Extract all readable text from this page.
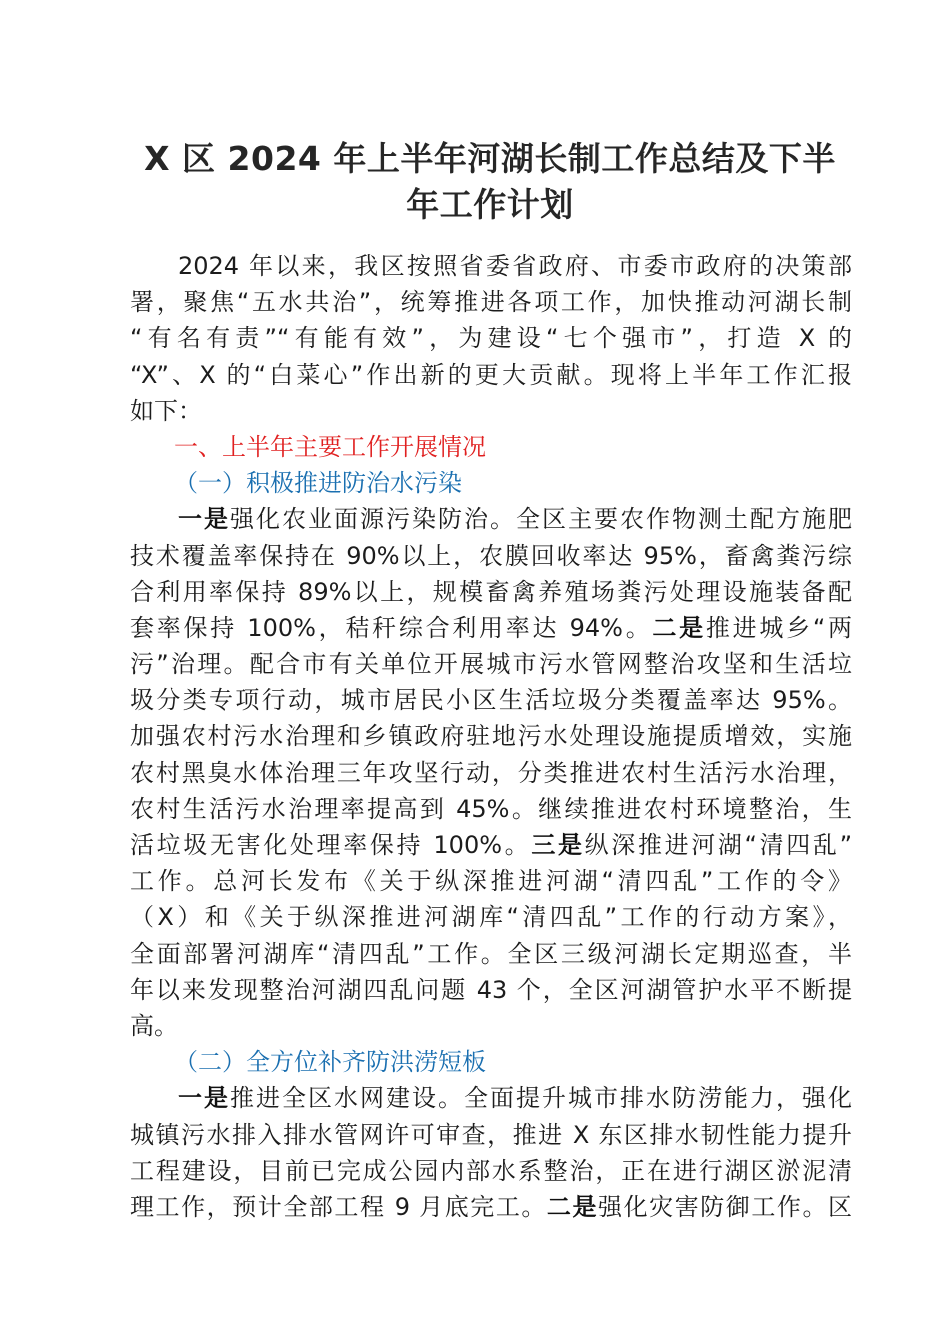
X 区 2024 年上半年河湖长制工作总结及下半
年工作计划
2024 年以来，我区按照省委省政府、市委市政府的决策部
署，聚焦“五水共治”，统筹推进各项工作，加快推动河湖长制
“有名有责”“有能有效”，为建设“七个强市”，打造 X 的
“X”、X 的“白菜心”作出新的更大贡献。现将上半年工作汇报
如下：
一、上半年主要工作开展情况
（一）积极推进防治水污染
一是强化农业面源污染防治。全区主要农作物测土配方施肥
技术覆盖率保持在 90%以上，农膜回收率达 95%，畜禽粪污综
合利用率保持 89%以上，规模畜禽养殖场粪污处理设施装备配
套率保持 100%，秸秆综合利用率达 94%。二是推进城乡“两
污”治理。配合市有关单位开展城市污水管网整治攻坚和生活垃
圾分类专项行动，城市居民小区生活垃圾分类覆盖率达 95%。
加强农村污水治理和乡镇政府驻地污水处理设施提质增效，实施
农村黑臭水体治理三年攻坚行动，分类推进农村生活污水治理，
农村生活污水治理率提高到 45%。继续推进农村环境整治，生
活垃圾无害化处理率保持 100%。三是纵深推进河湖“清四乱”
工作。总河长发布《关于纵深推进河湖“清四乱”工作的令》
（X）和《关于纵深推进河湖库“清四乱”工作的行动方案》，
全面部署河湖库“清四乱”工作。全区三级河湖长定期巡查，半
年以来发现整治河湖四乱问题 43 个，全区河湖管护水平不断提
高。
（二）全方位补齐防洪涝短板
一是推进全区水网建设。全面提升城市排水防涝能力，强化
城镇污水排入排水管网许可审查，推进 X 东区排水韧性能力提升
工程建设，目前已完成公园内部水系整治，正在进行湖区淤泥清
理工作，预计全部工程 9 月底完工。二是强化灾害防御工作。区
